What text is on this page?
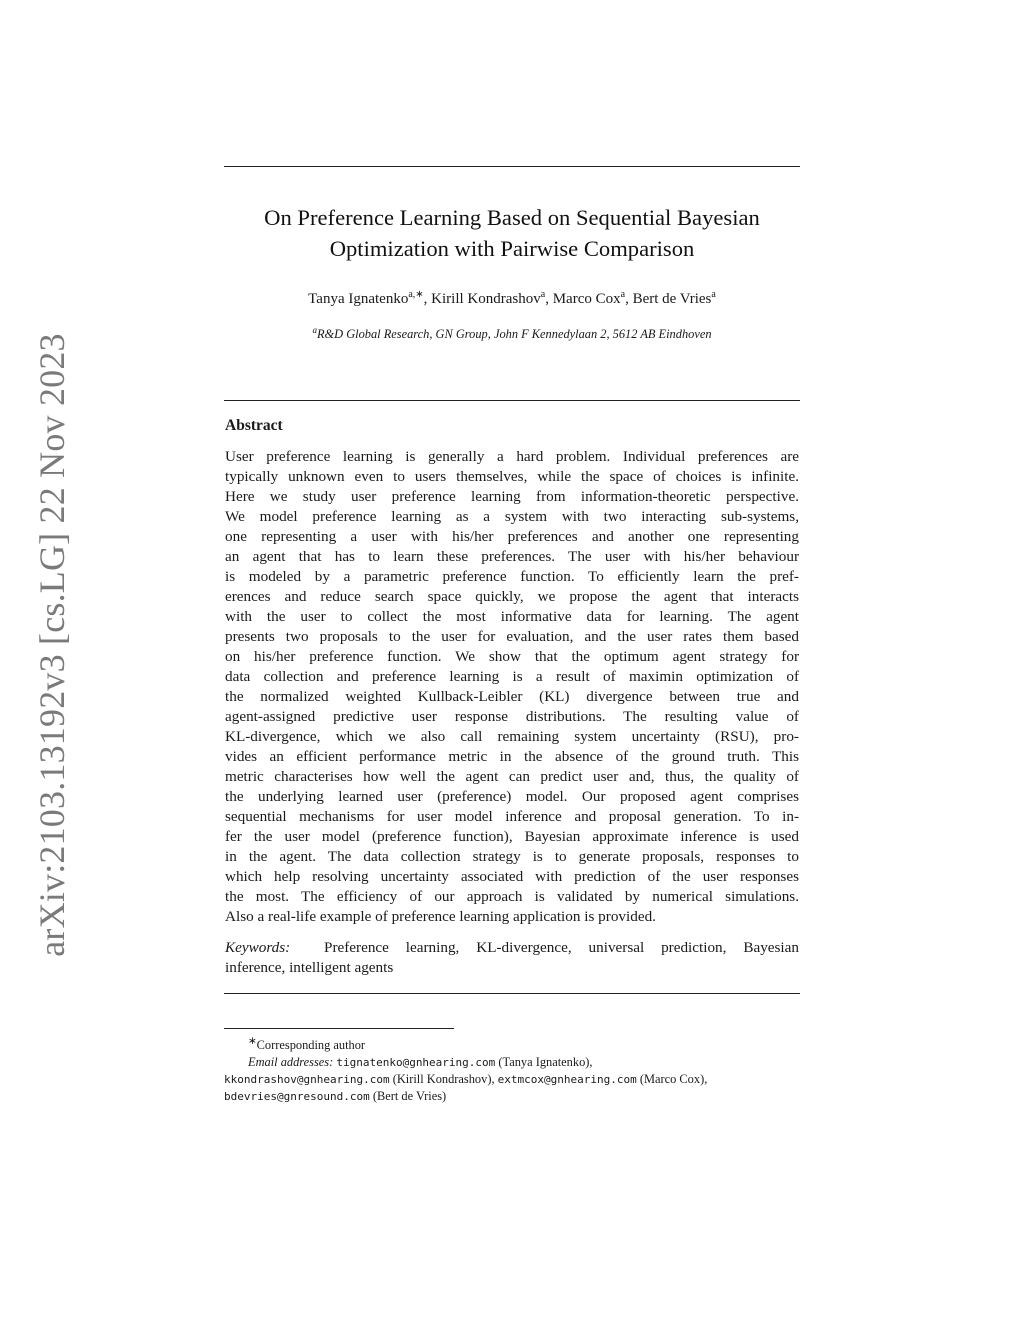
arXiv:2103.13192v3 [cs.LG] 22 Nov 2023
On Preference Learning Based on Sequential Bayesian
Optimization with Pairwise Comparison
Tanya Ignatenko$^{a,∗}$, Kirill Kondrashov$^a$, Marco Cox$^a$, Bert de Vries$^a$
$^a$R&D Global Research, GN Group, John F Kennedylaan 2, 5612 AB Eindhoven
Abstract
User preference learning is generally a hard problem. Individual preferences are
typically unknown even to users themselves, while the space of choices is infinite.
Here we study user preference learning from information-theoretic perspective.
We model preference learning as a system with two interacting sub-systems,
one representing a user with his/her preferences and another one representing
an agent that has to learn these preferences. The user with his/her behaviour
is modeled by a parametric preference function. To efficiently learn the pref-
erences and reduce search space quickly, we propose the agent that interacts
with the user to collect the most informative data for learning. The agent
presents two proposals to the user for evaluation, and the user rates them based
on his/her preference function. We show that the optimum agent strategy for
data collection and preference learning is a result of maximin optimization of
the normalized weighted Kullback-Leibler (KL) divergence between true and
agent-assigned predictive user response distributions. The resulting value of
KL-divergence, which we also call remaining system uncertainty (RSU), pro-
vides an efficient performance metric in the absence of the ground truth. This
metric characterises how well the agent can predict user and, thus, the quality of
the underlying learned user (preference) model. Our proposed agent comprises
sequential mechanisms for user model inference and proposal generation. To in-
fer the user model (preference function), Bayesian approximate inference is used
in the agent. The data collection strategy is to generate proposals, responses to
which help resolving uncertainty associated with prediction of the user responses
the most. The efficiency of our approach is validated by numerical simulations.
Also a real-life example of preference learning application is provided.
Keywords: Preference learning, KL-divergence, universal prediction, Bayesian
inference, intelligent agents
∗Corresponding author
Email addresses: tignatenko@gnhearing.com (Tanya Ignatenko),
kkondrashov@gnhearing.com (Kirill Kondrashov), extmcox@gnhearing.com (Marco Cox),
bdevries@gnresound.com (Bert de Vries)
